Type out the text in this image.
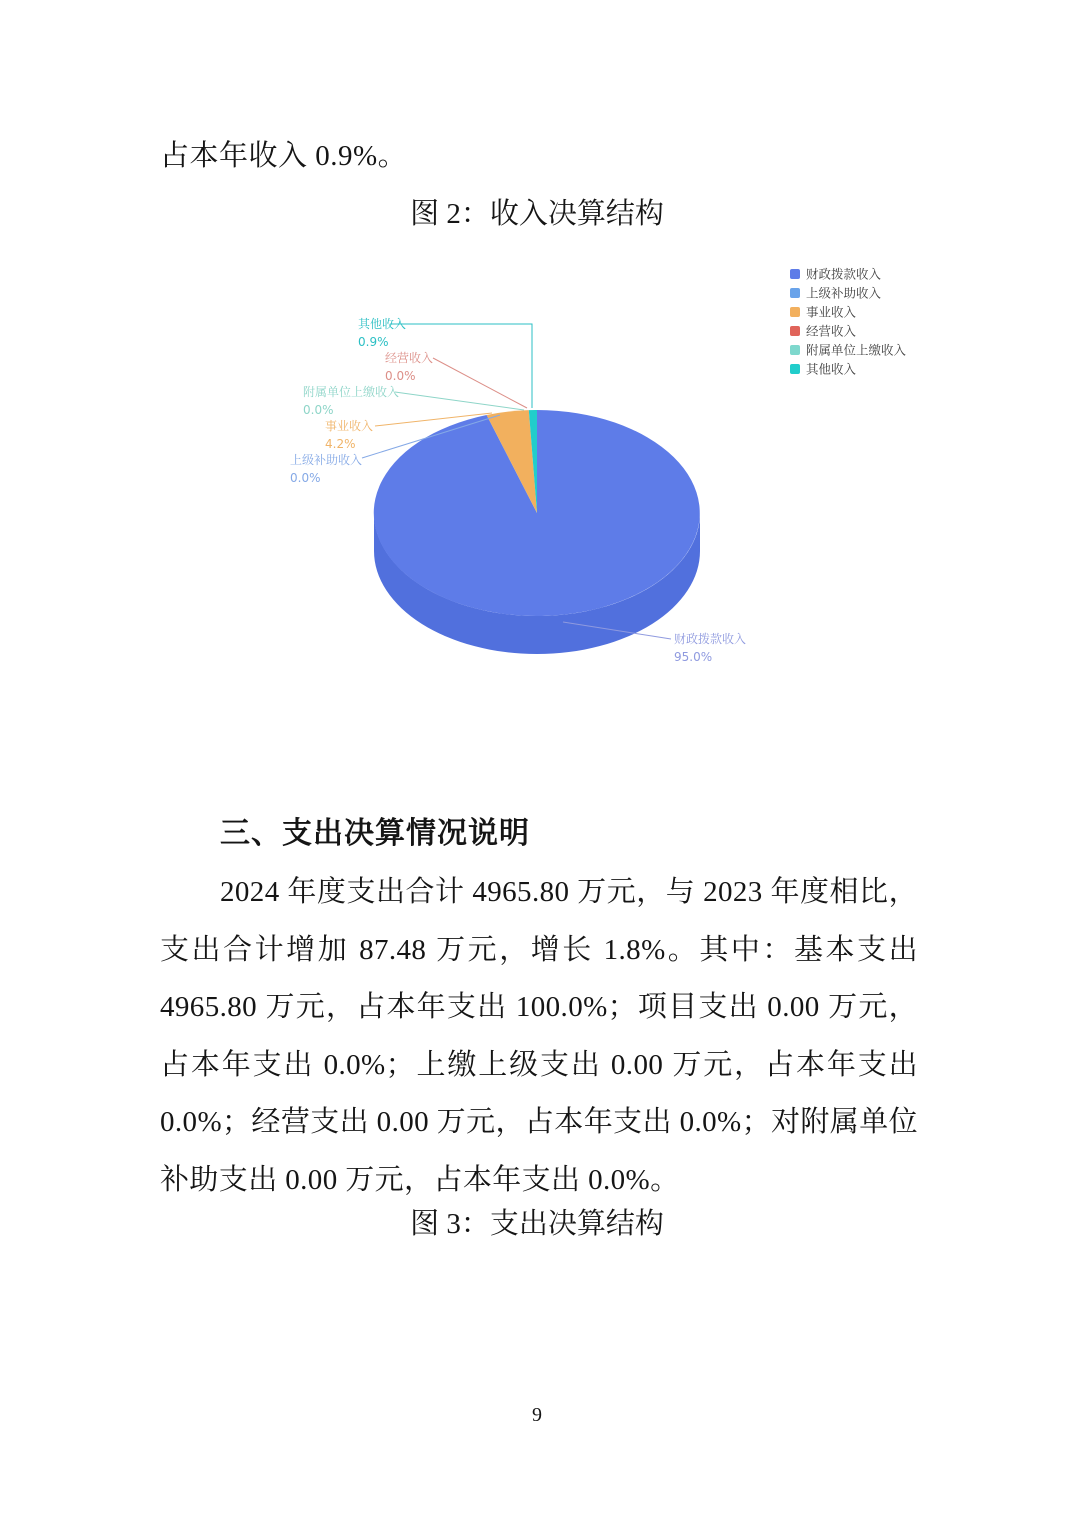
占本年收入 0.9%。
图 2：收入决算结构
其他收入
0.9%
经营收入
0.0%
附属单位上缴收入
0.0%
事业收入
4.2%
上级补助收入
0.0%
财政拨款收入
95.0%
财政拨款收入
上级补助收入
事业收入
经营收入
附属单位上缴收入
其他收入
三、支出决算情况说明
2024 年度支出合计 4965.80 万元，与 2023 年度相比，支出合计增加 87.48 万元，增长 1.8%。其中：基本支出 4965.80 万元，占本年支出 100.0%；项目支出 0.00 万元，占本年支出 0.0%；上缴上级支出 0.00 万元，占本年支出 0.0%；经营支出 0.00 万元，占本年支出 0.0%；对附属单位补助支出 0.00 万元，占本年支出 0.0%。
图 3：支出决算结构
9
